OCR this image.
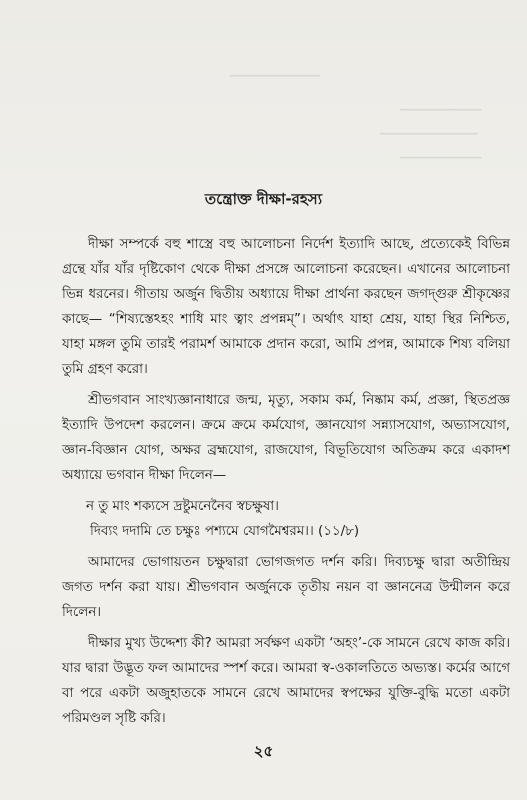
▁▁▁▁▁▁▁▁▁▁▁
▁▁▁▁▁▁▁▁▁▁
▁▁▁▁▁▁▁▁▁▁▁▁
▁▁▁▁▁▁▁▁▁▁
তন্ত্রোক্ত দীক্ষা-রহস্য

দীক্ষা সম্পর্কে বহু শাস্ত্রে বহু আলোচনা নির্দেশ ইত্যাদি আছে, প্রত্যেকেই বিভিন্ন গ্রন্থে যাঁর যাঁর দৃষ্টিকোণ থেকে দীক্ষা প্রসঙ্গে আলোচনা করেছেন। এখানের আলোচনা ভিন্ন ধরনের। গীতায় অর্জুন দ্বিতীয় অধ্যায়ে দীক্ষা প্রার্থনা করছেন জগদ্গুরু শ্রীকৃষ্ণের কাছে— “শিষ্যস্তেঽহং শাধি মাং ত্বাং প্রপন্নম্”। অর্থাৎ যাহা শ্রেয়, যাহা স্থির নিশ্চিত, যাহা মঙ্গল তুমি তারই পরামর্শ আমাকে প্রদান করো, আমি প্রপন্ন, আমাকে শিষ্য বলিয়া তুমি গ্রহণ করো।

শ্রীভগবান সাংখ্যজ্ঞানাধারে জন্ম, মৃত্যু, সকাম কর্ম, নিষ্কাম কর্ম, প্রজ্ঞা, স্থিতপ্রজ্ঞ ইত্যাদি উপদেশ করলেন। ক্রমে ক্রমে কর্মযোগ, জ্ঞানযোগ সন্ন্যাসযোগ, অভ্যাসযোগ, জ্ঞান-বিজ্ঞান যোগ, অক্ষর ব্রহ্মযোগ, রাজযোগ, বিভূতিযোগ অতিক্রম করে একাদশ অধ্যায়ে ভগবান দীক্ষা দিলেন—

ন তু মাং শক্যসে দ্রষ্টুমনেনৈব স্বচক্ষুষা।

দিব্যং দদামি তে চক্ষুঃ পশ্যমে যোগমৈশ্বরম।। (১১/৮)

আমাদের ভোগায়তন চক্ষুদ্বারা ভোগজগত দর্শন করি। দিব্যচক্ষু দ্বারা অতীন্দ্রিয় জগত দর্শন করা যায়। শ্রীভগবান অর্জুনকে তৃতীয় নয়ন বা জ্ঞাননেত্র উন্মীলন করে দিলেন।

দীক্ষার মুখ্য উদ্দেশ্য কী? আমরা সর্বক্ষণ একটা ‘অহং’-কে সামনে রেখে কাজ করি। যার দ্বারা উদ্ভূত ফল আমাদের স্পর্শ করে। আমরা স্ব-ওকালতিতে অভ্যস্ত। কর্মের আগে বা পরে একটা অজুহাতকে সামনে রেখে আমাদের স্বপক্ষের যুক্তি-বুদ্ধি মতো একটা পরিমণ্ডল সৃষ্টি করি।

২৫
